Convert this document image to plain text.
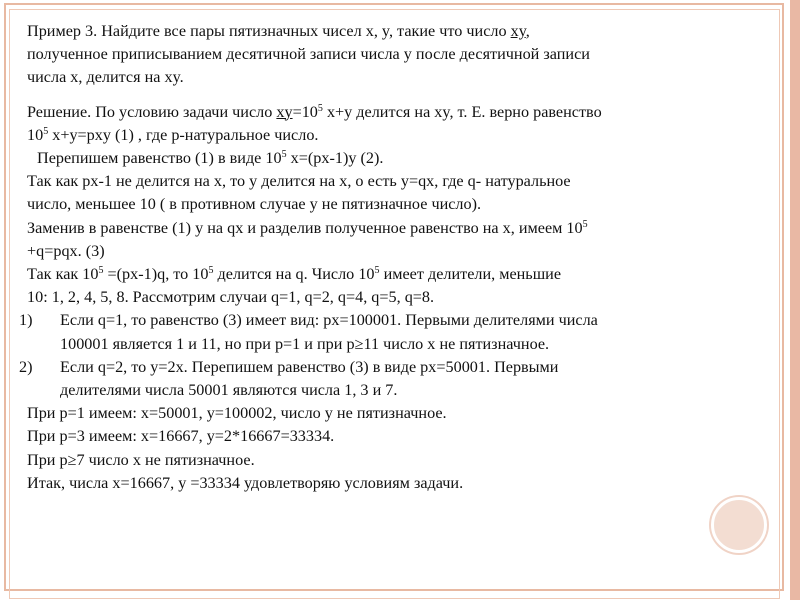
Пример 3. Найдите все пары пятизначных чисел x, y, такие что число xy,

полученное приписыванием десятичной записи числа y после десятичной записи

числа x, делится на xy.

Решение. По условию задачи число $xy=10^5$ x+y делится на xy, т. Е. верно равенство

$10^5$ x+y=pxy (1) , где p-натуральное число.

Перепишем равенство (1) в виде $10^5$ x=(px-1)y (2).

Так как px-1 не делится на x, то y делится на x, о есть y=qx, где q- натуральное

число, меньшее 10 ( в противном случае y не пятизначное число).

Заменив в равенстве (1) y на qx и разделив полученное равенство на x, имеем $10^5$

+q=pqx. (3)

Так как $10^5 =(px-1)q$, то $10^5$ делится на q. Число $10^5$ имеет делители, меньшие

10: 1, 2, 4, 5, 8. Рассмотрим случаи q=1, q=2, q=4, q=5, q=8.

1) Если q=1, то равенство (3) имеет вид: px=100001. Первыми делителями числа
100001 является 1 и 11, но при p=1 и при p≥11 число x не пятизначное.
2) Если q=2, то y=2x. Перепишем равенство (3) в виде px=50001. Первыми
делителями числа 50001 являются числа 1, 3 и 7.

При p=1 имеем: x=50001, y=100002, число y не пятизначное.

При p=3 имеем: x=16667, y=2*16667=33334.

При p≥7 число x не пятизначное.

Итак, числа x=16667, y =33334 удовлетворяю условиям задачи.
